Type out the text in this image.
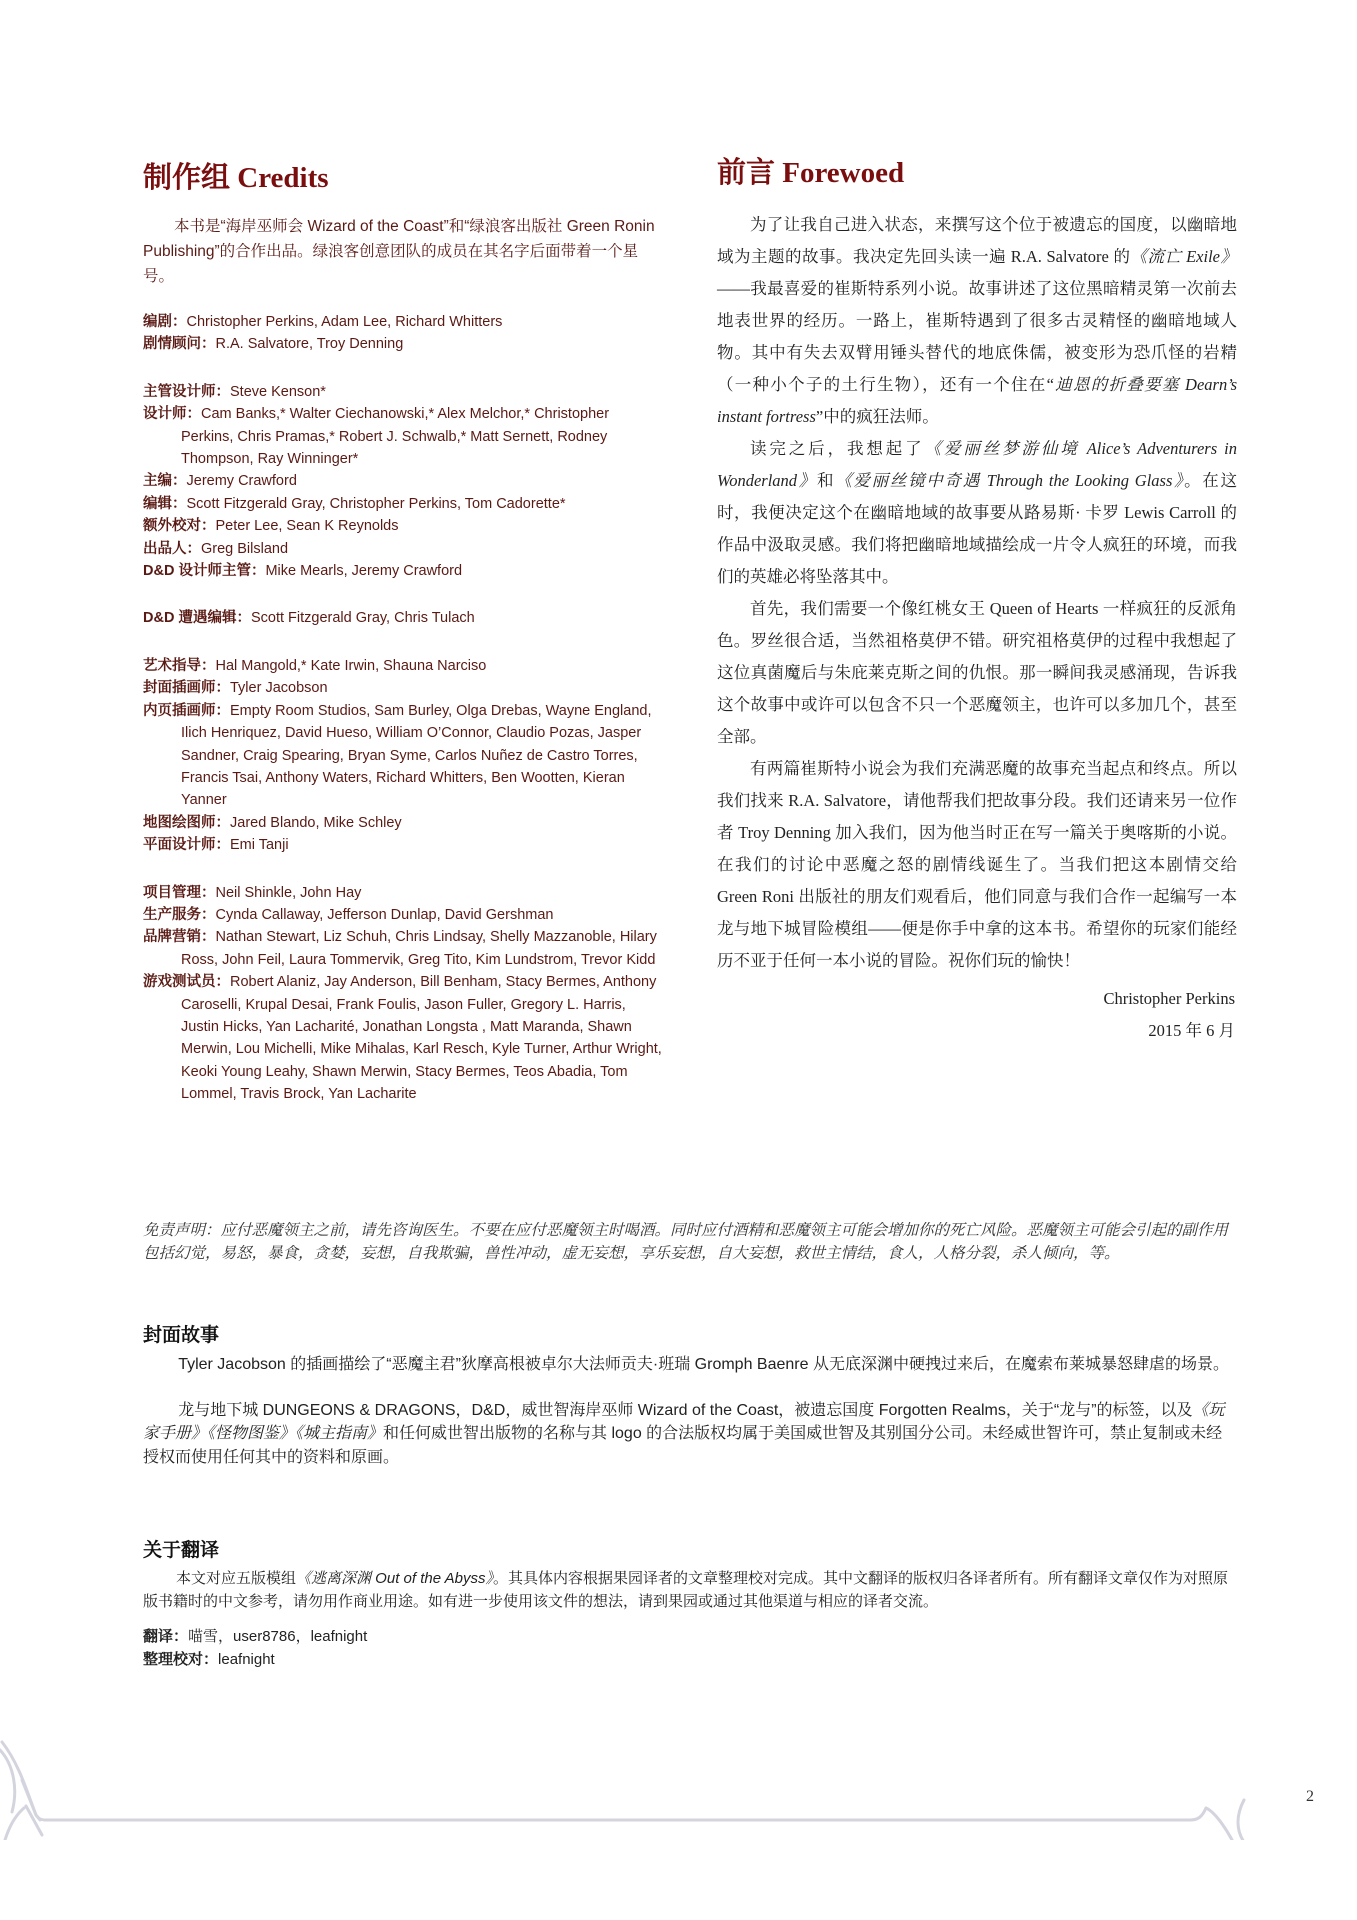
制作组 Credits

本书是“海岸巫师会 Wizard of the Coast”和“绿浪客出版社 Green Ronin Publishing”的合作出品。绿浪客创意团队的成员在其名字后面带着一个星号。

编剧：Christopher Perkins, Adam Lee, Richard Whitters
剧情顾问：R.A. Salvatore, Troy Denning
主管设计师：Steve Kenson*
设计师：Cam Banks,* Walter Ciechanowski,* Alex Melchor,* Christopher Perkins, Chris Pramas,* Robert J. Schwalb,* Matt Sernett, Rodney Thompson, Ray Winninger*
主编：Jeremy Crawford
编辑：Scott Fitzgerald Gray, Christopher Perkins, Tom Cadorette*
额外校对：Peter Lee, Sean K Reynolds
出品人：Greg Bilsland
D&D 设计师主管：Mike Mearls, Jeremy Crawford
D&D 遭遇编辑：Scott Fitzgerald Gray, Chris Tulach
艺术指导：Hal Mangold,* Kate Irwin, Shauna Narciso
封面插画师：Tyler Jacobson
内页插画师：Empty Room Studios, Sam Burley, Olga Drebas, Wayne England, Ilich Henriquez, David Hueso, William O’Connor, Claudio Pozas, Jasper Sandner, Craig Spearing, Bryan Syme, Carlos Nuñez de Castro Torres, Francis Tsai, Anthony Waters, Richard Whitters, Ben Wootten, Kieran Yanner
地图绘图师：Jared Blando, Mike Schley
平面设计师：Emi Tanji
项目管理：Neil Shinkle, John Hay
生产服务：Cynda Callaway, Jefferson Dunlap, David Gershman
品牌营销：Nathan Stewart, Liz Schuh, Chris Lindsay, Shelly Mazzanoble, Hilary Ross, John Feil, Laura Tommervik, Greg Tito, Kim Lundstrom, Trevor Kidd
游戏测试员：Robert Alaniz, Jay Anderson, Bill Benham, Stacy Bermes, Anthony Caroselli, Krupal Desai, Frank Foulis, Jason Fuller, Gregory L. Harris, Justin Hicks, Yan Lacharité, Jonathan Longsta , Matt Maranda, Shawn Merwin, Lou Michelli, Mike Mihalas, Karl Resch, Kyle Turner, Arthur Wright, Keoki Young Leahy, Shawn Merwin, Stacy Bermes, Teos Abadia, Tom Lommel, Travis Brock, Yan Lacharite
前言 Forewoed

为了让我自己进入状态，来撰写这个位于被遗忘的国度，以幽暗地域为主题的故事。我决定先回头读一遍 R.A. Salvatore 的《流亡 Exile》——我最喜爱的崔斯特系列小说。故事讲述了这位黑暗精灵第一次前去地表世界的经历。一路上，崔斯特遇到了很多古灵精怪的幽暗地域人物。其中有失去双臂用锤头替代的地底侏儒，被变形为恐爪怪的岩精（一种小个子的土行生物），还有一个住在“迪恩的折叠要塞 Dearn’s instant fortress”中的疯狂法师。

读完之后，我想起了《爱丽丝梦游仙境 Alice’s Adventurers in Wonderland》和《爱丽丝镜中奇遇 Through the Looking Glass》。在这时，我便决定这个在幽暗地域的故事要从路易斯· 卡罗 Lewis Carroll 的作品中汲取灵感。我们将把幽暗地域描绘成一片令人疯狂的环境，而我们的英雄必将坠落其中。

首先，我们需要一个像红桃女王 Queen of Hearts 一样疯狂的反派角色。罗丝很合适，当然祖格莫伊不错。研究祖格莫伊的过程中我想起了这位真菌魔后与朱庇莱克斯之间的仇恨。那一瞬间我灵感涌现，告诉我这个故事中或许可以包含不只一个恶魔领主，也许可以多加几个，甚至全部。

有两篇崔斯特小说会为我们充满恶魔的故事充当起点和终点。所以我们找来 R.A. Salvatore，请他帮我们把故事分段。我们还请来另一位作者 Troy Denning 加入我们，因为他当时正在写一篇关于奥喀斯的小说。在我们的讨论中恶魔之怒的剧情线诞生了。当我们把这本剧情交给 Green Roni 出版社的朋友们观看后，他们同意与我们合作一起编写一本龙与地下城冒险模组——便是你手中拿的这本书。希望你的玩家们能经历不亚于任何一本小说的冒险。祝你们玩的愉快！

Christopher Perkins
2015 年 6 月
免责声明：应付恶魔领主之前，请先咨询医生。不要在应付恶魔领主时喝酒。同时应付酒精和恶魔领主可能会增加你的死亡风险。恶魔领主可能会引起的副作用包括幻觉，易怒，暴食，贪婪，妄想，自我欺骗，兽性冲动，虚无妄想，享乐妄想，自大妄想，救世主情结，食人，人格分裂，杀人倾向，等。
封面故事

Tyler Jacobson 的插画描绘了“恶魔主君”狄摩高根被卓尔大法师贡夫·班瑞 Gromph Baenre 从无底深渊中硬拽过来后，在魔索布莱城暴怒肆虐的场景。

龙与地下城 DUNGEONS & DRAGONS，D&D，威世智海岸巫师 Wizard of the Coast，被遗忘国度 Forgotten Realms，关于“龙与”的标签，以及《玩家手册》《怪物图鉴》《城主指南》和任何威世智出版物的名称与其 logo 的合法版权均属于美国威世智及其别国分公司。未经威世智许可，禁止复制或未经授权而使用任何其中的资料和原画。

关于翻译

本文对应五版模组《逃离深渊 Out of the Abyss》。其具体内容根据果园译者的文章整理校对完成。其中文翻译的版权归各译者所有。所有翻译文章仅作为对照原版书籍时的中文参考，请勿用作商业用途。如有进一步使用该文件的想法，请到果园或通过其他渠道与相应的译者交流。

翻译：喵雪，user8786，leafnight
整理校对：leafnight
2
